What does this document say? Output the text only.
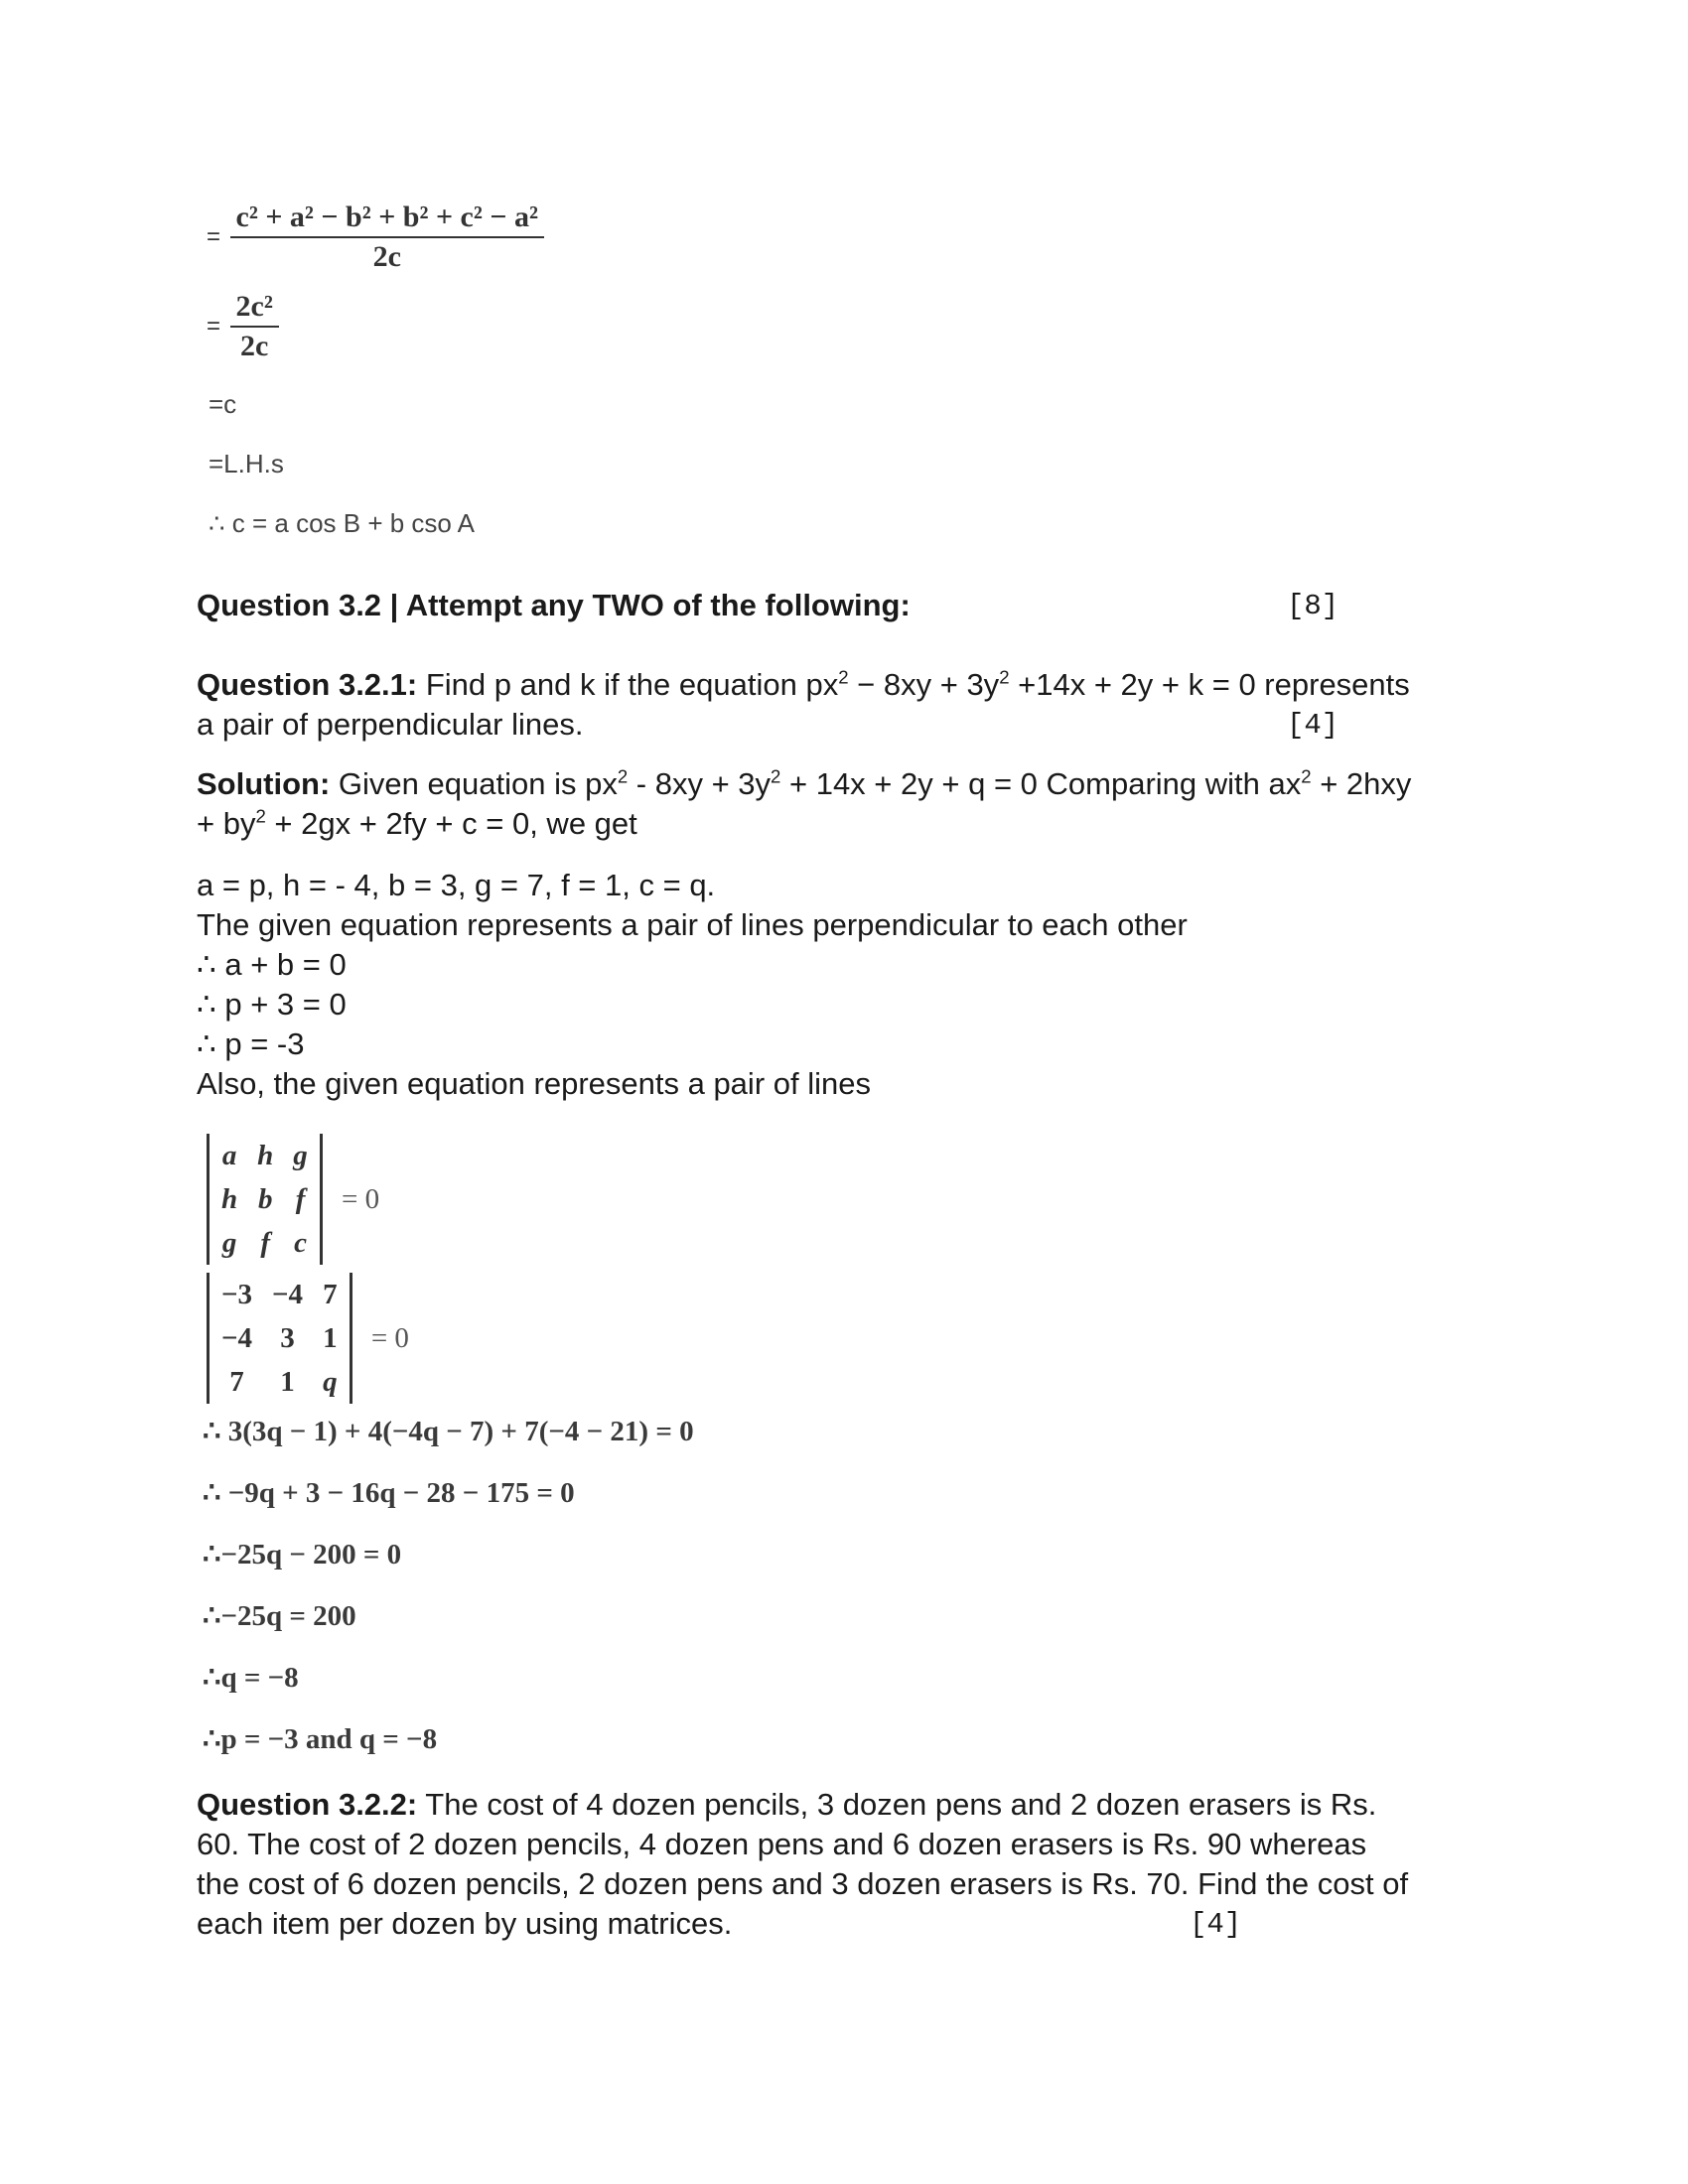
= $\frac{\text{c² + a² − b² + b² + c² − a²}}{2c}$
= $\frac{\text{2c²}}{2c}$
=c
=L.H.s
∴ c = a cos B + b cso A
Question 3.2 | Attempt any TWO of the following:	[8]
Question 3.2.1: Find p and k if the equation $px^2 - 8xy + 3y^2 +14x + 2y + k = 0$ represents
a pair of perpendicular lines.	[4]
Solution: Given equation is $px^2 - 8xy + 3y^2 + 14x + 2y + q = 0$ Comparing with $ax^2 + 2hxy$
+ $by^2 + 2gx + 2fy + c = 0$, we get
a = p, h = - 4, b = 3, g = 7, f = 1, c = q.
The given equation represents a pair of lines perpendicular to each other
∴ a + b = 0
∴ p + 3 = 0
∴ p = -3
Also, the given equation represents a pair of lines
a	h	g
h	b	f
g	f	c = 0
−3	−4	7
−4	3	1
7	1	q = 0
∴ 3(3q − 1) + 4(−4q − 7) + 7(−4 − 21) = 0
∴ −9q + 3 − 16q − 28 − 175 = 0
∴−25q − 200 = 0
∴−25q = 200
∴q = −8
∴p = −3 and q = −8
Question 3.2.2: The cost of 4 dozen pencils, 3 dozen pens and 2 dozen erasers is Rs.
60. The cost of 2 dozen pencils, 4 dozen pens and 6 dozen erasers is Rs. 90 whereas
the cost of 6 dozen pencils, 2 dozen pens and 3 dozen erasers is Rs. 70. Find the cost of
each item per dozen by using matrices.	[4]
